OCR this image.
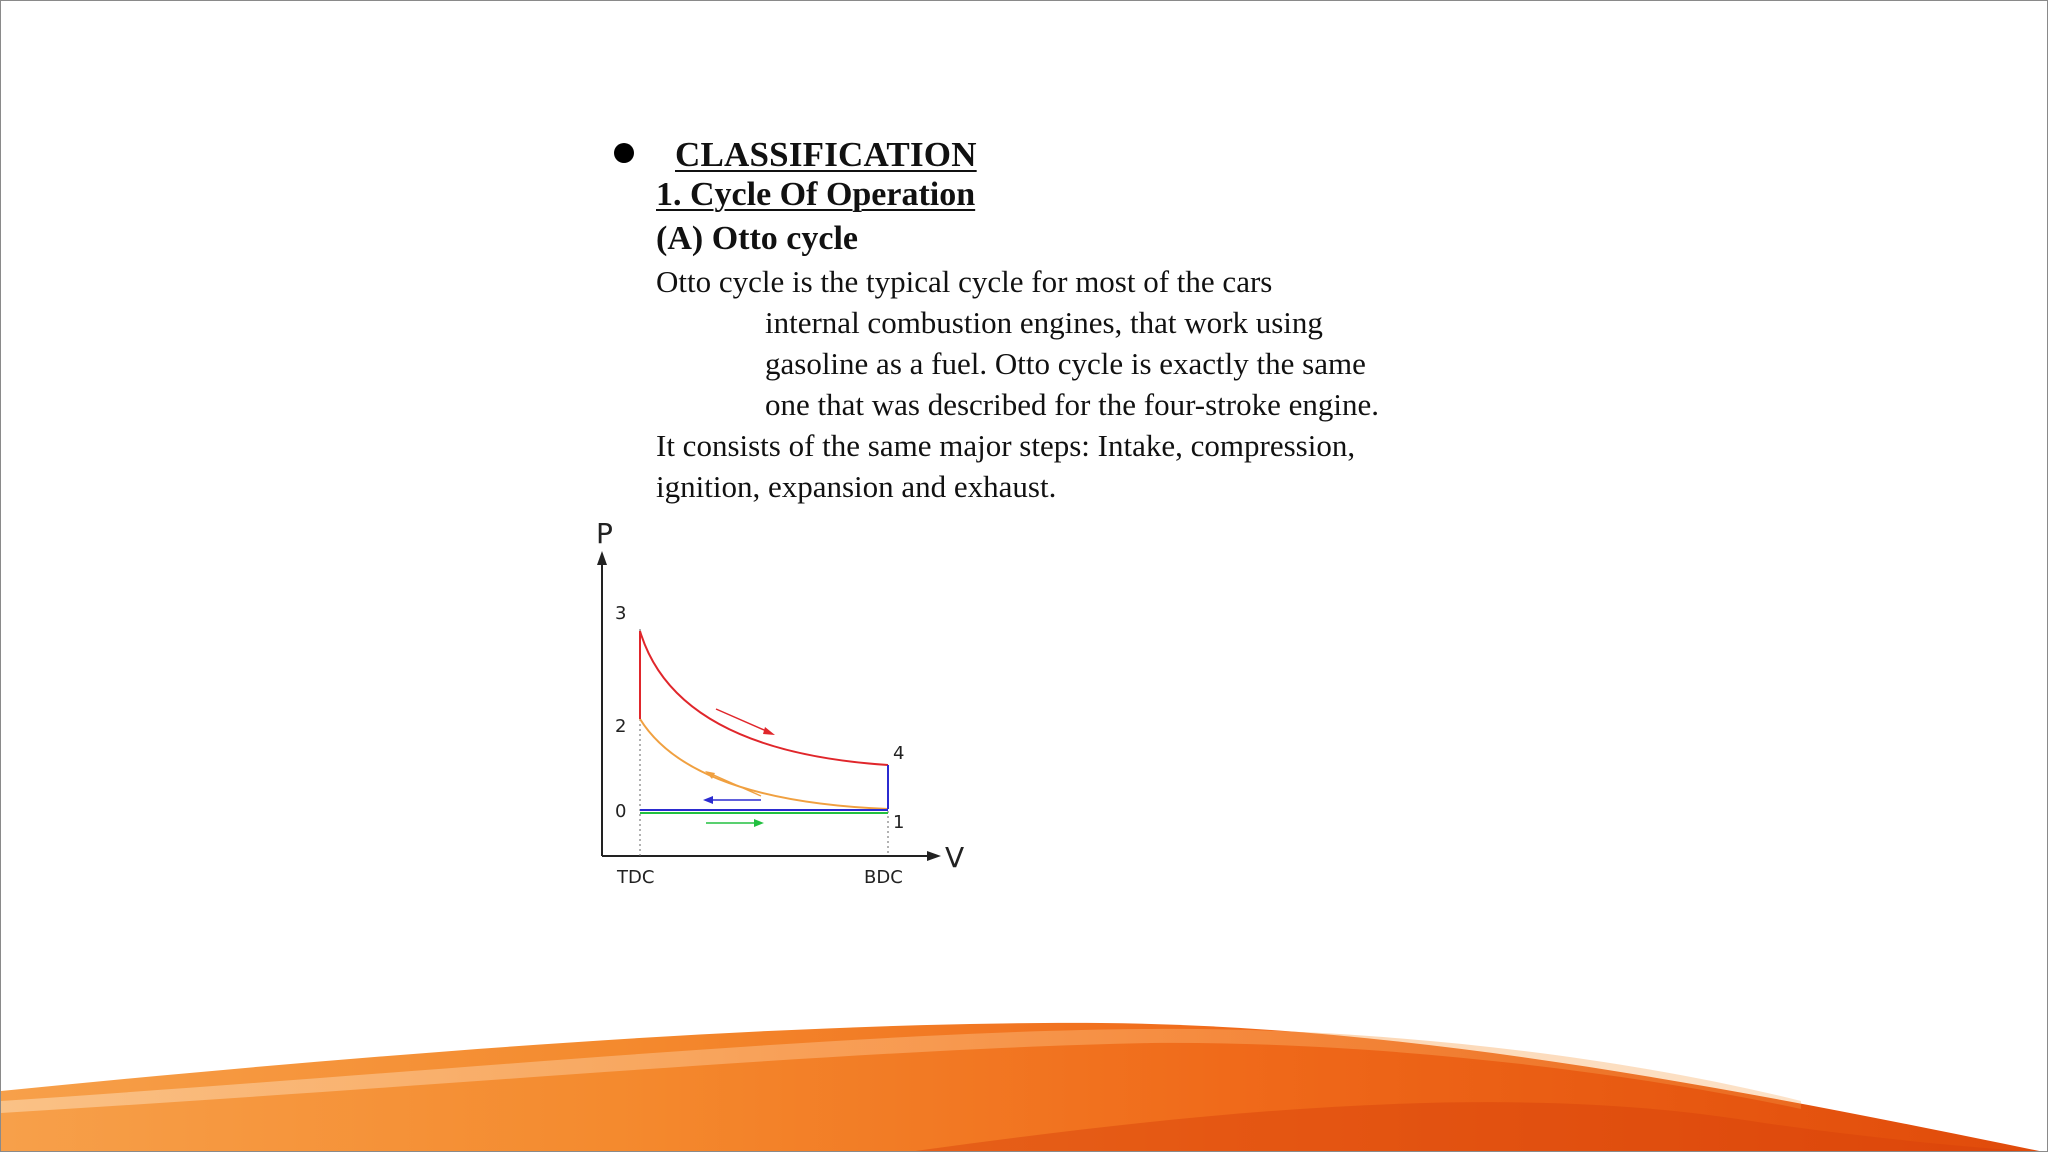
CLASSIFICATION
1. Cycle Of Operation
(A) Otto cycle
Otto cycle is the typical cycle for most of the cars
internal combustion engines, that work using
gasoline as a fuel. Otto cycle is exactly the same
one that was described for the four-stroke engine.
It consists of the same major steps: Intake, compression,
ignition, expansion and exhaust.
P
V
3
2
0
4
1
TDC	BDC
